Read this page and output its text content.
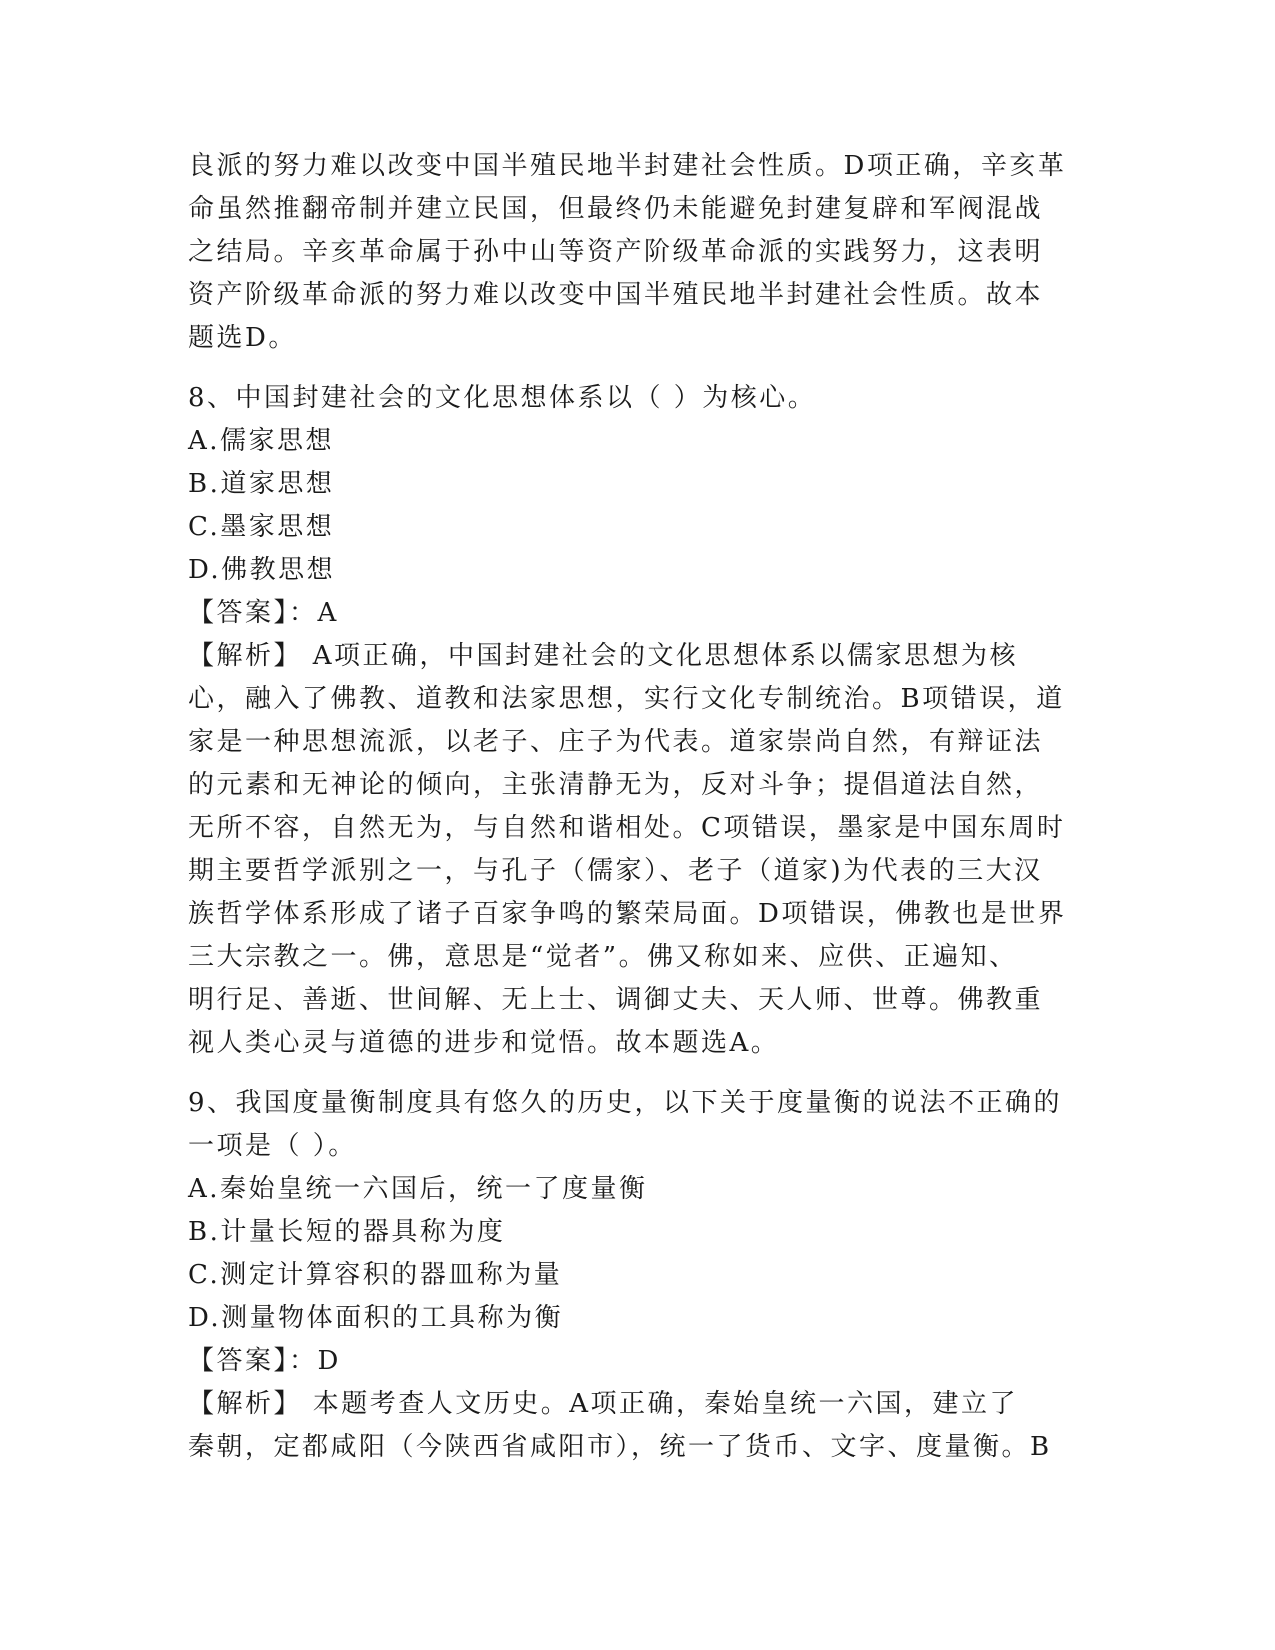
良派的努力难以改变中国半殖民地半封建社会性质。D项正确，辛亥革
命虽然推翻帝制并建立民国，但最终仍未能避免封建复辟和军阀混战
之结局。辛亥革命属于孙中山等资产阶级革命派的实践努力，这表明
资产阶级革命派的努力难以改变中国半殖民地半封建社会性质。故本
题选D。
8、中国封建社会的文化思想体系以（ ）为核心。
A.儒家思想
B.道家思想
C.墨家思想
D.佛教思想
【答案】：A
【解析】 A项正确，中国封建社会的文化思想体系以儒家思想为核
心，融入了佛教、道教和法家思想，实行文化专制统治。B项错误，道
家是一种思想流派，以老子、庄子为代表。道家崇尚自然，有辩证法
的元素和无神论的倾向，主张清静无为，反对斗争；提倡道法自然，
无所不容，自然无为，与自然和谐相处。C项错误，墨家是中国东周时
期主要哲学派别之一，与孔子（儒家）、老子（道家)为代表的三大汉
族哲学体系形成了诸子百家争鸣的繁荣局面。D项错误，佛教也是世界
三大宗教之一。佛，意思是“觉者”。佛又称如来、应供、正遍知、
明行足、善逝、世间解、无上士、调御丈夫、天人师、世尊。佛教重
视人类心灵与道德的进步和觉悟。故本题选A。
9、我国度量衡制度具有悠久的历史，以下关于度量衡的说法不正确的
一项是（ ）。
A.秦始皇统一六国后，统一了度量衡
B.计量长短的器具称为度
C.测定计算容积的器皿称为量
D.测量物体面积的工具称为衡
【答案】：D
【解析】 本题考查人文历史。A项正确，秦始皇统一六国，建立了
秦朝，定都咸阳（今陕西省咸阳市），统一了货币、文字、度量衡。B
